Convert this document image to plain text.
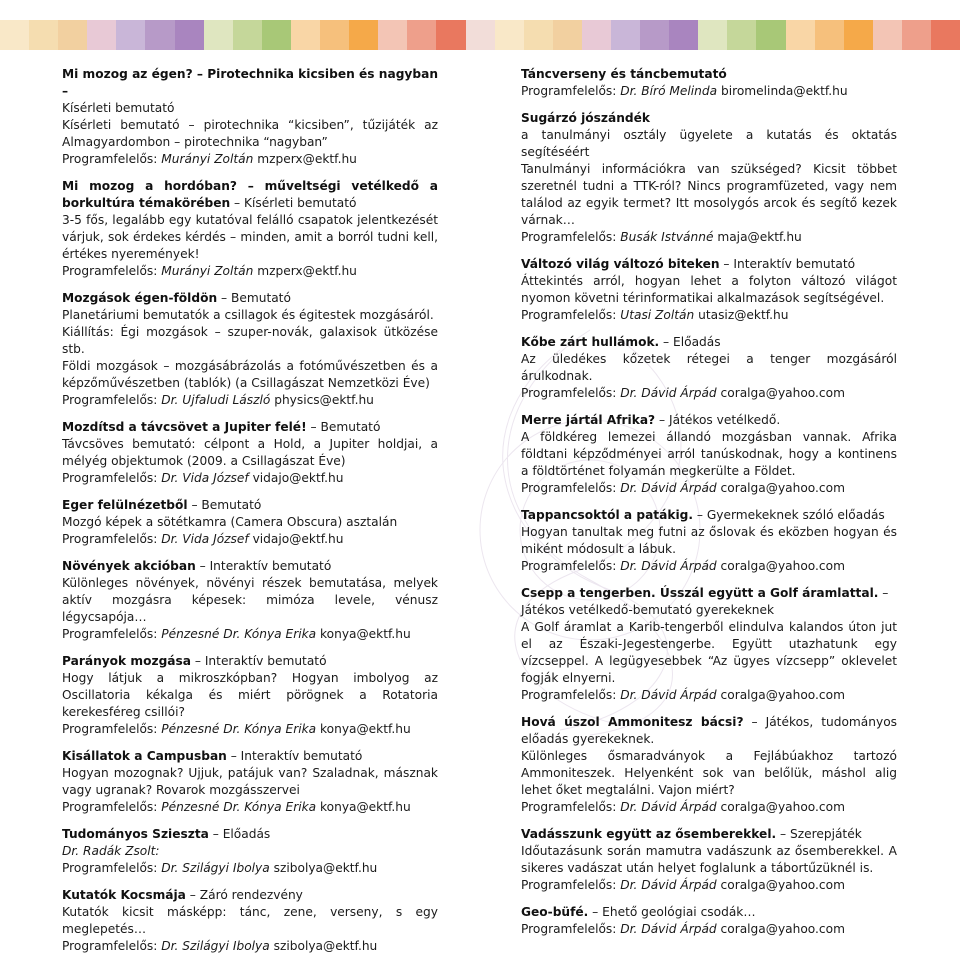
Mi mozog az égen? – Pirotechnika kicsiben és nagyban –
Kísérleti bemutató
Kísérleti bemutató – pirotechnika “kicsiben”, tűzijáték az Almagyardombon – pirotechnika “nagyban”
Programfelelős: Murányi Zoltán mzperx@ektf.hu
Mi mozog a hordóban? – műveltségi vetélkedő a borkultúra témakörében – Kísérleti bemutató
3-5 fős, legalább egy kutatóval felálló csapatok jelentkezését várjuk, sok érdekes kérdés – minden, amit a borról tudni kell, értékes nyeremények!
Programfelelős: Murányi Zoltán mzperx@ektf.hu
Mozgások égen-földön – Bemutató
Planetáriumi bemutatók a csillagok és égitestek mozgásáról.
Kiállítás: Égi mozgások – szuper-novák, galaxisok ütközése stb.
Földi mozgások – mozgásábrázolás a fotóművészetben és a képzőművészetben (tablók) (a Csillagászat Nemzetközi Éve)
Programfelelős: Dr. Ujfaludi László physics@ektf.hu
Mozdítsd a távcsövet a Jupiter felé! – Bemutató
Távcsöves bemutató: célpont a Hold, a Jupiter holdjai, a mélyég objektumok (2009. a Csillagászat Éve)
Programfelelős: Dr. Vida József vidajo@ektf.hu
Eger felülnézetből – Bemutató
Mozgó képek a sötétkamra (Camera Obscura) asztalán
Programfelelős: Dr. Vida József vidajo@ektf.hu
Növények akcióban – Interaktív bemutató
Különleges növények, növényi részek bemutatása, melyek aktív mozgásra képesek: mimóza levele, vénusz légycsapója…
Programfelelős: Pénzesné Dr. Kónya Erika konya@ektf.hu
Parányok mozgása – Interaktív bemutató
Hogy látjuk a mikroszkópban? Hogyan imbolyog az Oscillatoria kékalga és miért pörögnek a Rotatoria kerekesféreg csillói?
Programfelelős: Pénzesné Dr. Kónya Erika konya@ektf.hu
Kisállatok a Campusban – Interaktív bemutató
Hogyan mozognak? Ujjuk, patájuk van? Szaladnak, másznak vagy ugranak? Rovarok mozgásszervei
Programfelelős: Pénzesné Dr. Kónya Erika konya@ektf.hu
Tudományos Szieszta – Előadás
Dr. Radák Zsolt:
Programfelelős: Dr. Szilágyi Ibolya szibolya@ektf.hu
Kutatók Kocsmája – Záró rendezvény
Kutatók kicsit másképp: tánc, zene, verseny, s egy meglepetés…
Programfelelős: Dr. Szilágyi Ibolya szibolya@ektf.hu
Táncverseny és táncbemutató
Programfelelős: Dr. Bíró Melinda biromelinda@ektf.hu
Sugárzó jószándék
a tanulmányi osztály ügyelete a kutatás és oktatás segítéséért
Tanulmányi információkra van szükséged? Kicsit többet szeretnél tudni a TTK-ról? Nincs programfüzeted, vagy nem találod az egyik termet? Itt mosolygós arcok és segítő kezek várnak…
Programfelelős: Busák Istvánné maja@ektf.hu
Változó világ változó biteken – Interaktív bemutató
Áttekintés arról, hogyan lehet a folyton változó világot nyomon követni térinformatikai alkalmazások segítségével.
Programfelelős: Utasi Zoltán utasiz@ektf.hu
Kőbe zárt hullámok. – Előadás
Az üledékes kőzetek rétegei a tenger mozgásáról árulkodnak.
Programfelelős: Dr. Dávid Árpád coralga@yahoo.com
Merre jártál Afrika? – Játékos vetélkedő.
A földkéreg lemezei állandó mozgásban vannak. Afrika földtani képződményei arról tanúskodnak, hogy a kontinens a földtörténet folyamán megkerülte a Földet.
Programfelelős: Dr. Dávid Árpád coralga@yahoo.com
Tappancsoktól a patákig. – Gyermekeknek szóló előadás
Hogyan tanultak meg futni az őslovak és eközben hogyan és miként módosult a lábuk.
Programfelelős: Dr. Dávid Árpád coralga@yahoo.com
Csepp a tengerben. Ússzál együtt a Golf áramlattal. –
Játékos vetélkedő-bemutató gyerekeknek
A Golf áramlat a Karib-tengerből elindulva kalandos úton jut el az Északi-Jegestengerbe. Együtt utazhatunk egy vízcseppel. A legügyesebbek “Az ügyes vízcsepp” oklevelet fogják elnyerni.
Programfelelős: Dr. Dávid Árpád coralga@yahoo.com
Hová úszol Ammonitesz bácsi? – Játékos, tudományos előadás gyerekeknek.
Különleges ősmaradványok a Fejlábúakhoz tartozó Ammoniteszek. Helyenként sok van belőlük, máshol alig lehet őket megtalálni. Vajon miért?
Programfelelős: Dr. Dávid Árpád coralga@yahoo.com
Vadásszunk együtt az ősemberekkel. – Szerepjáték
Időutazásunk során mamutra vadászunk az ősemberekkel. A sikeres vadászat után helyet foglalunk a tábortűzüknél is.
Programfelelős: Dr. Dávid Árpád coralga@yahoo.com
Geo-büfé. – Ehető geológiai csodák…
Programfelelős: Dr. Dávid Árpád coralga@yahoo.com
